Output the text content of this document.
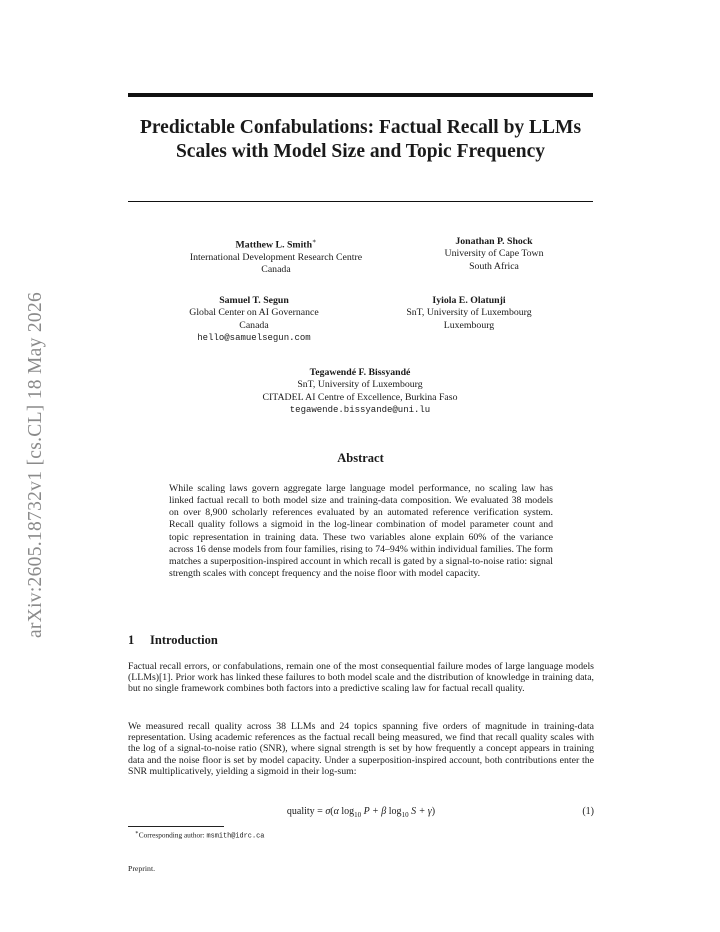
arXiv:2605.18732v1 [cs.CL] 18 May 2026
Predictable Confabulations: Factual Recall by LLMs Scales with Model Size and Topic Frequency
Matthew L. Smith∗
International Development Research Centre
Canada
Jonathan P. Shock
University of Cape Town
South Africa
Samuel T. Segun
Global Center on AI Governance
Canada
hello@samuelsegun.com
Iyiola E. Olatunji
SnT, University of Luxembourg
Luxembourg
Tegawendé F. Bissyandé
SnT, University of Luxembourg
CITADEL AI Centre of Excellence, Burkina Faso
tegawende.bissyande@uni.lu
Abstract
While scaling laws govern aggregate large language model performance, no scaling law has linked factual recall to both model size and training-data composition. We evaluated 38 models on over 8,900 scholarly references evaluated by an automated reference verification system. Recall quality follows a sigmoid in the log-linear combination of model parameter count and topic representation in training data. These two variables alone explain 60% of the variance across 16 dense models from four families, rising to 74–94% within individual families. The form matches a superposition-inspired account in which recall is gated by a signal-to-noise ratio: signal strength scales with concept frequency and the noise floor with model capacity.
1 Introduction
Factual recall errors, or confabulations, remain one of the most consequential failure modes of large language models (LLMs)[1]. Prior work has linked these failures to both model scale and the distribution of knowledge in training data, but no single framework combines both factors into a predictive scaling law for factual recall quality.
We measured recall quality across 38 LLMs and 24 topics spanning five orders of magnitude in training-data representation. Using academic references as the factual recall being measured, we find that recall quality scales with the log of a signal-to-noise ratio (SNR), where signal strength is set by how frequently a concept appears in training data and the noise floor is set by model capacity. Under a superposition-inspired account, both contributions enter the SNR multiplicatively, yielding a sigmoid in their log-sum:
quality = σ(α $\log_{10} P + \beta$ $\log_{10} S + \gamma$)	(1)
∗Corresponding author: msmith@idrc.ca
Preprint.
